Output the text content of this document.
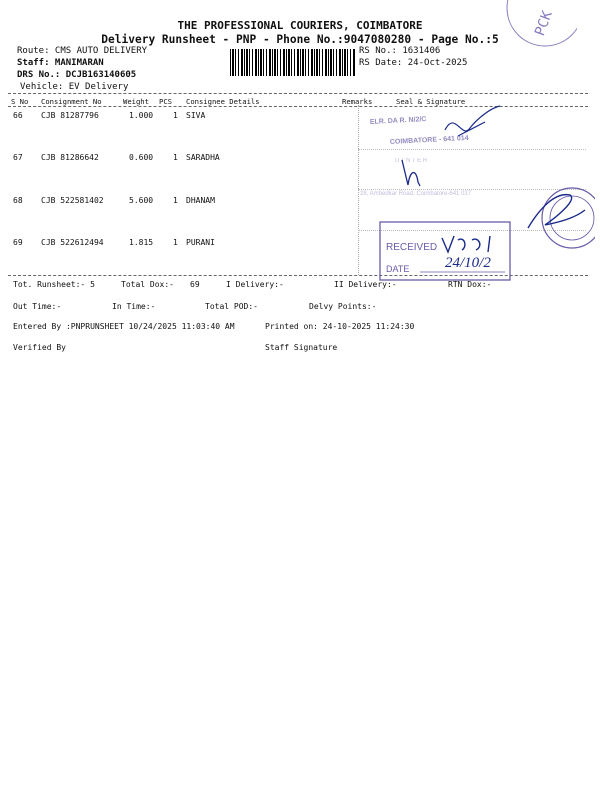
THE PROFESSIONAL COURIERS, COIMBATORE
Delivery Runsheet - PNP - Phone No.:9047080280 - Page No.:5
PCK
Route: CMS AUTO DELIVERY
Staff: MANIMARAN
DRS No.: DCJB163140605
Vehicle: EV Delivery
RS No.: 1631406
RS Date: 24-Oct-2025
S No Consignment No	Weight PCS Consignee Details	Remarks	Seal & Signature
66 CJB 81287796	1.000 1 SIVA
67 CJB 81286642	0.600 1 SARADHA
68 CJB 522581402	5.600 1 DHANAM
69 CJB 522612494	1.815 1 PURANI
ELR. DA R. N/2/C
COIMBATORE - 641 014
U T N T E R
28, Ambedkar Road, Coimbatore-641 037
RECEIVED
DATE 24/10/2
Tot. Runsheet:- 5	Total Dox:- 69	I Delivery:-	II Delivery:-	RTN Dox:-
Out Time:-	In Time:-	Total POD:-	Delvy Points:-
Entered By :PNPRUNSHEET 10/24/2025 11:03:40 AM	Printed on: 24-10-2025 11:24:30
Verified By	Staff Signature
